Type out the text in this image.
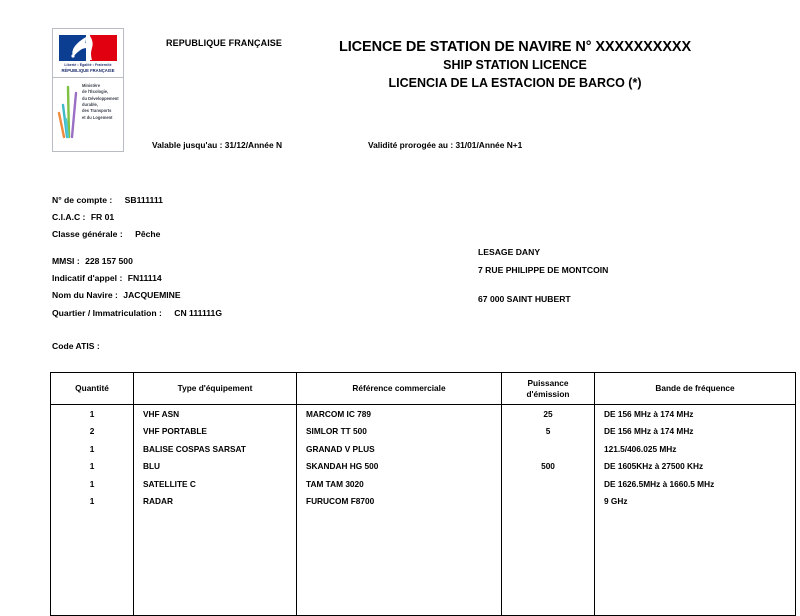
Liberté • Égalité • Fraternité
RÉPUBLIQUE FRANÇAISE
Ministère
de l'Écologie,
du Développement
durable,
des Transports
et du Logement
REPUBLIQUE FRANÇAISE	LICENCE DE STATION DE NAVIRE N° XXXXXXXXXX
SHIP STATION LICENCE
LICENCIA DE LA ESTACION DE BARCO (*)
Valable jusqu'au : 31/12/Année N	Validité prorogée au : 31/01/Année N+1
N° de compte : SB111111
C.I.A.C : FR 01
Classe générale : Pêche
MMSI : 228 157 500
Indicatif d'appel : FN11114
Nom du Navire : JACQUEMINE
Quartier / Immatriculation : CN 111111G
LESAGE DANY
7 RUE PHILIPPE DE MONTCOIN
67 000 SAINT HUBERT
Code ATIS :
Quantité	Type d'équipement	Référence commerciale	Puissance
d'émission	Bande de fréquence
1	VHF ASN	MARCOM IC 789	25	DE 156 MHz à 174 MHz
2	VHF PORTABLE	SIMLOR TT 500	5	DE 156 MHz à 174 MHz
1	BALISE COSPAS SARSAT	GRANAD V PLUS		121.5/406.025 MHz
1	BLU	SKANDAH HG 500	500	DE 1605KHz à 27500 KHz
1	SATELLITE C	TAM TAM 3020		DE 1626.5MHz à 1660.5 MHz
1	RADAR	FURUCOM F8700		9 GHz
